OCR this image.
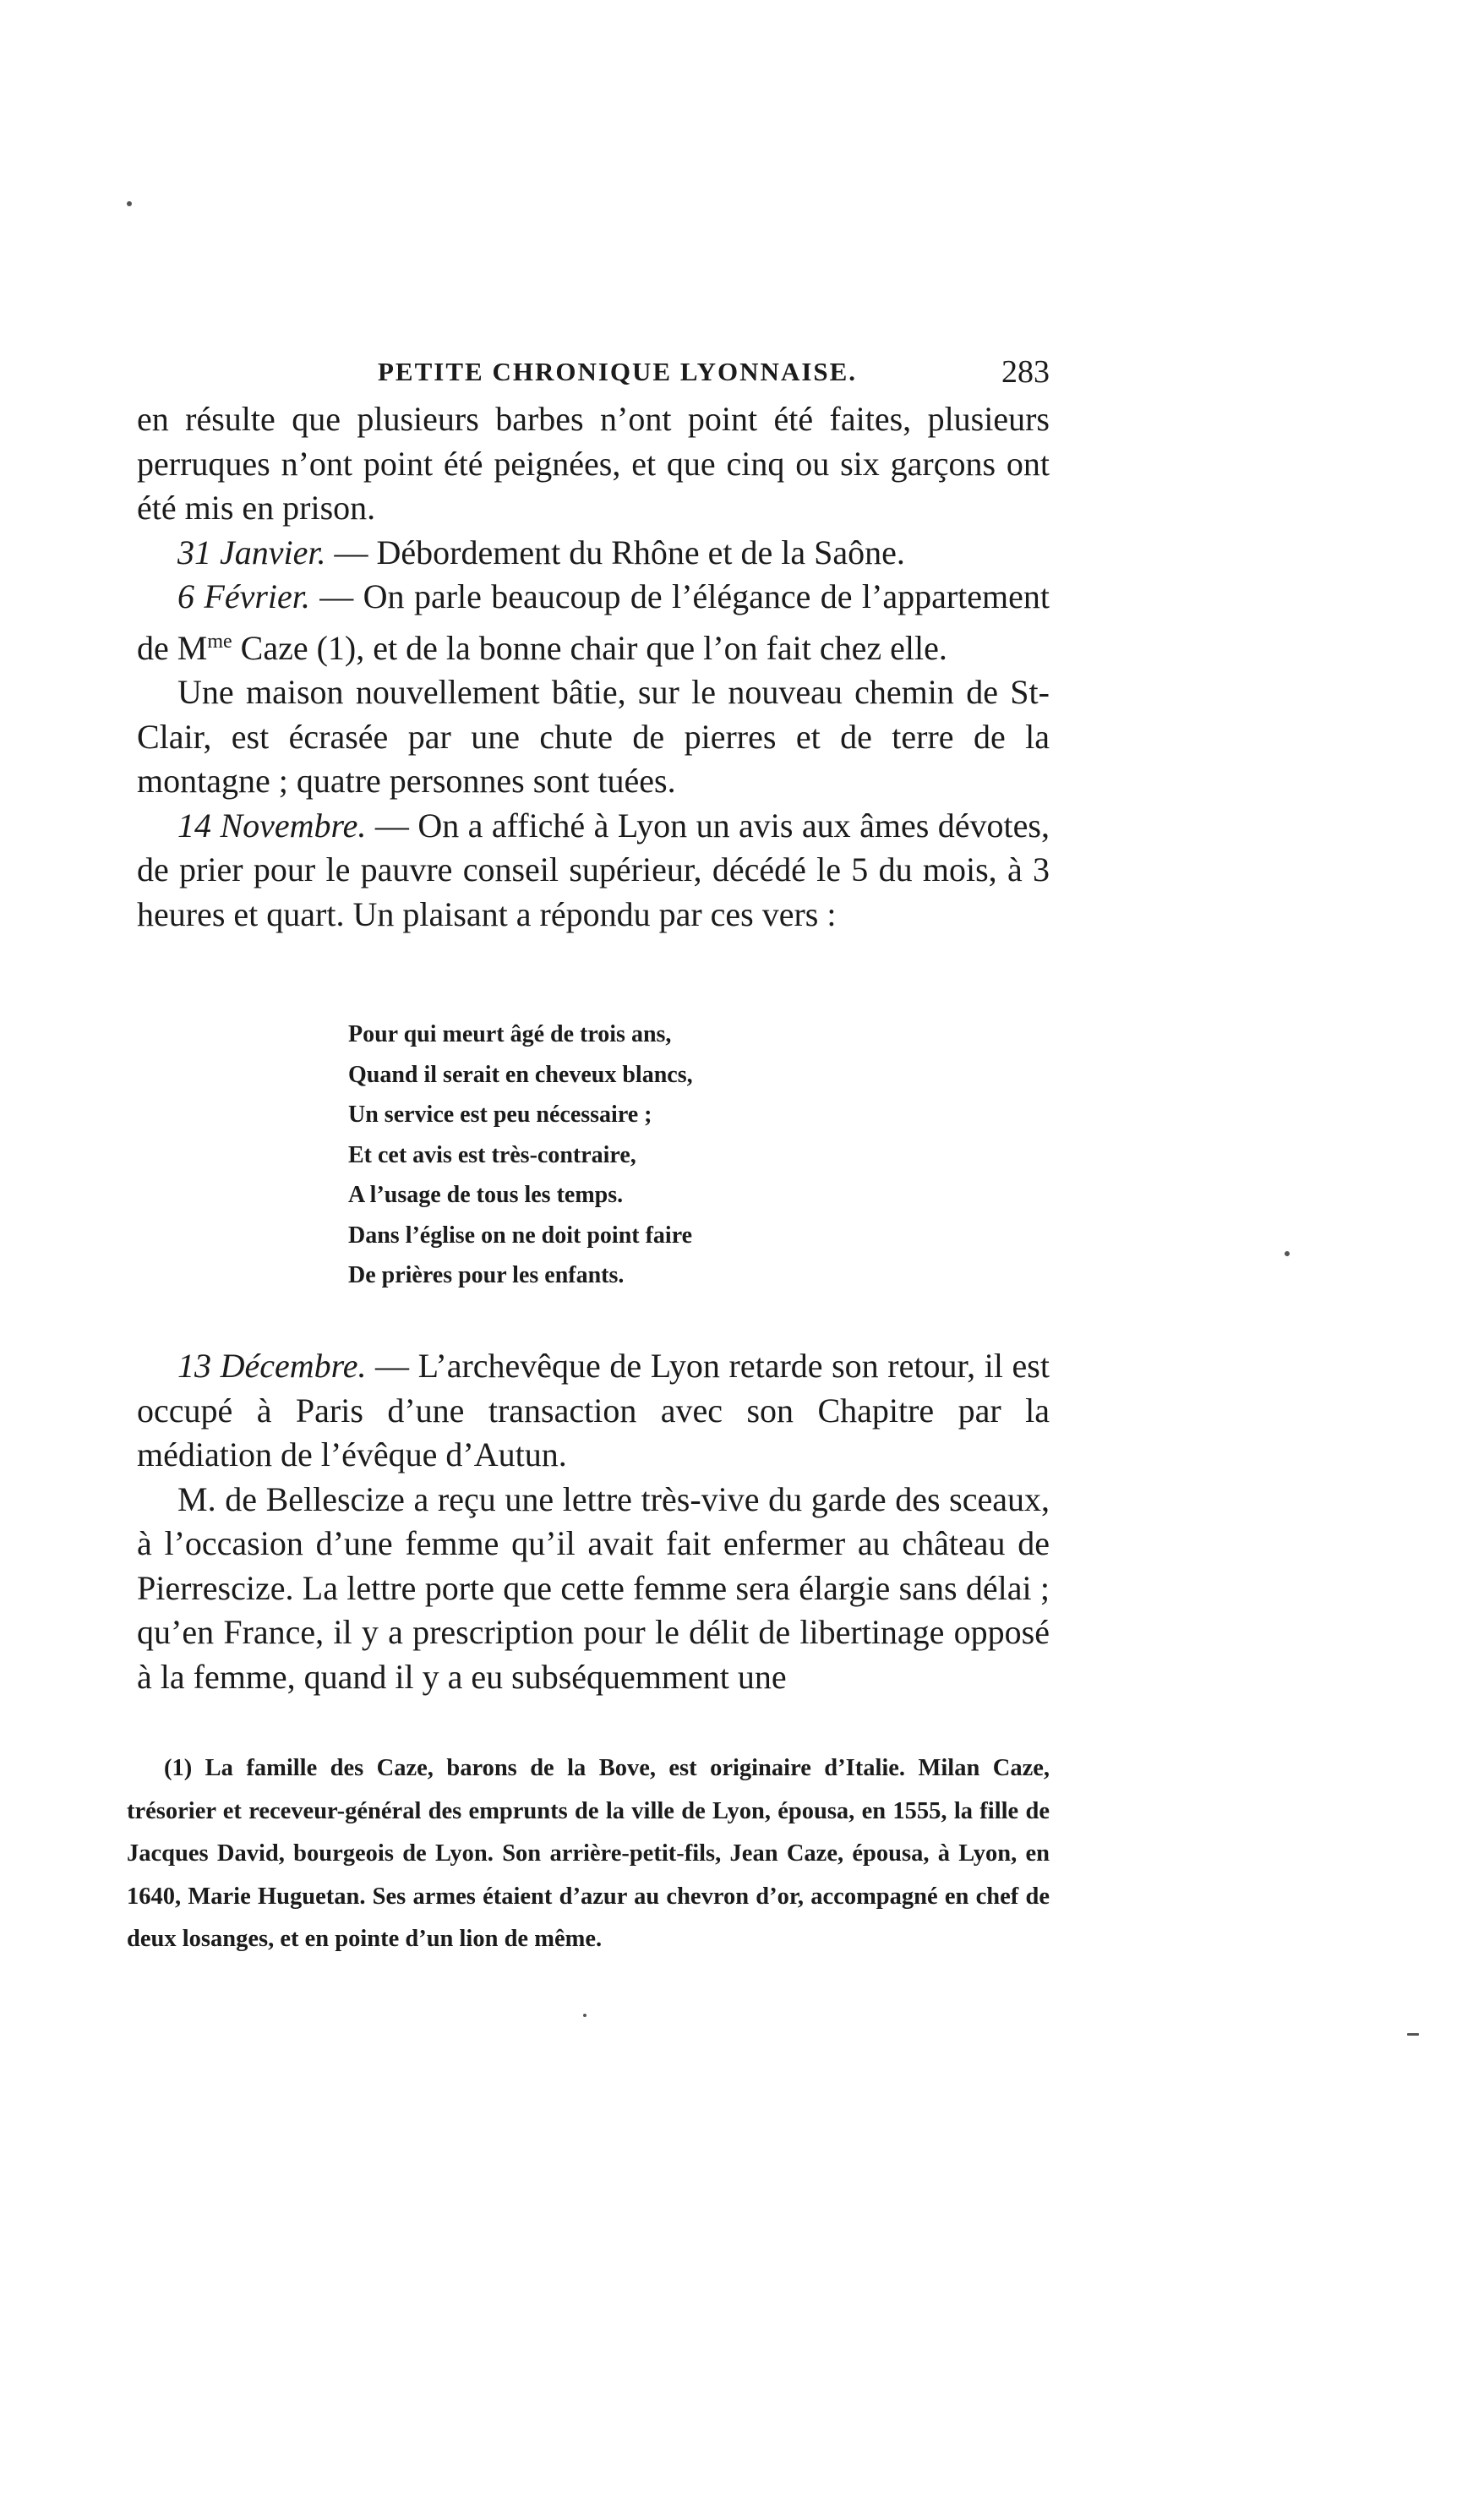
PETITE CHRONIQUE LYONNAISE.	283

en résulte que plusieurs barbes n’ont point été faites, plusieurs perruques n’ont point été peignées, et que cinq ou six garçons ont été mis en prison.

31 Janvier. — Débordement du Rhône et de la Saône.

6 Février. — On parle beaucoup de l’élégance de l’appartement de $M^{me}$ Caze (1), et de la bonne chair que l’on fait chez elle.

Une maison nouvellement bâtie, sur le nouveau chemin de St-Clair, est écrasée par une chute de pierres et de terre de la montagne ; quatre personnes sont tuées.

14 Novembre. — On a affiché à Lyon un avis aux âmes dévotes, de prier pour le pauvre conseil supérieur, décédé le 5 du mois, à 3 heures et quart. Un plaisant a répondu par ces vers :

Pour qui meurt âgé de trois ans,
Quand il serait en cheveux blancs,
Un service est peu nécessaire ;
Et cet avis est très-contraire,
A l’usage de tous les temps.
Dans l’église on ne doit point faire
De prières pour les enfants.

13 Décembre. — L’archevêque de Lyon retarde son retour, il est occupé à Paris d’une transaction avec son Chapitre par la médiation de l’évêque d’Autun.

M. de Bellescize a reçu une lettre très-vive du garde des sceaux, à l’occasion d’une femme qu’il avait fait enfermer au château de Pierrescize. La lettre porte que cette femme sera élargie sans délai ; qu’en France, il y a prescription pour le délit de libertinage opposé à la femme, quand il y a eu subséquemment une

(1) La famille des Caze, barons de la Bove, est originaire d’Italie. Milan Caze, trésorier et receveur-général des emprunts de la ville de Lyon, épousa, en 1555, la fille de Jacques David, bourgeois de Lyon. Son arrière-petit-fils, Jean Caze, épousa, à Lyon, en 1640, Marie Huguetan. Ses armes étaient d’azur au chevron d’or, accompagné en chef de deux losanges, et en pointe d’un lion de même.
